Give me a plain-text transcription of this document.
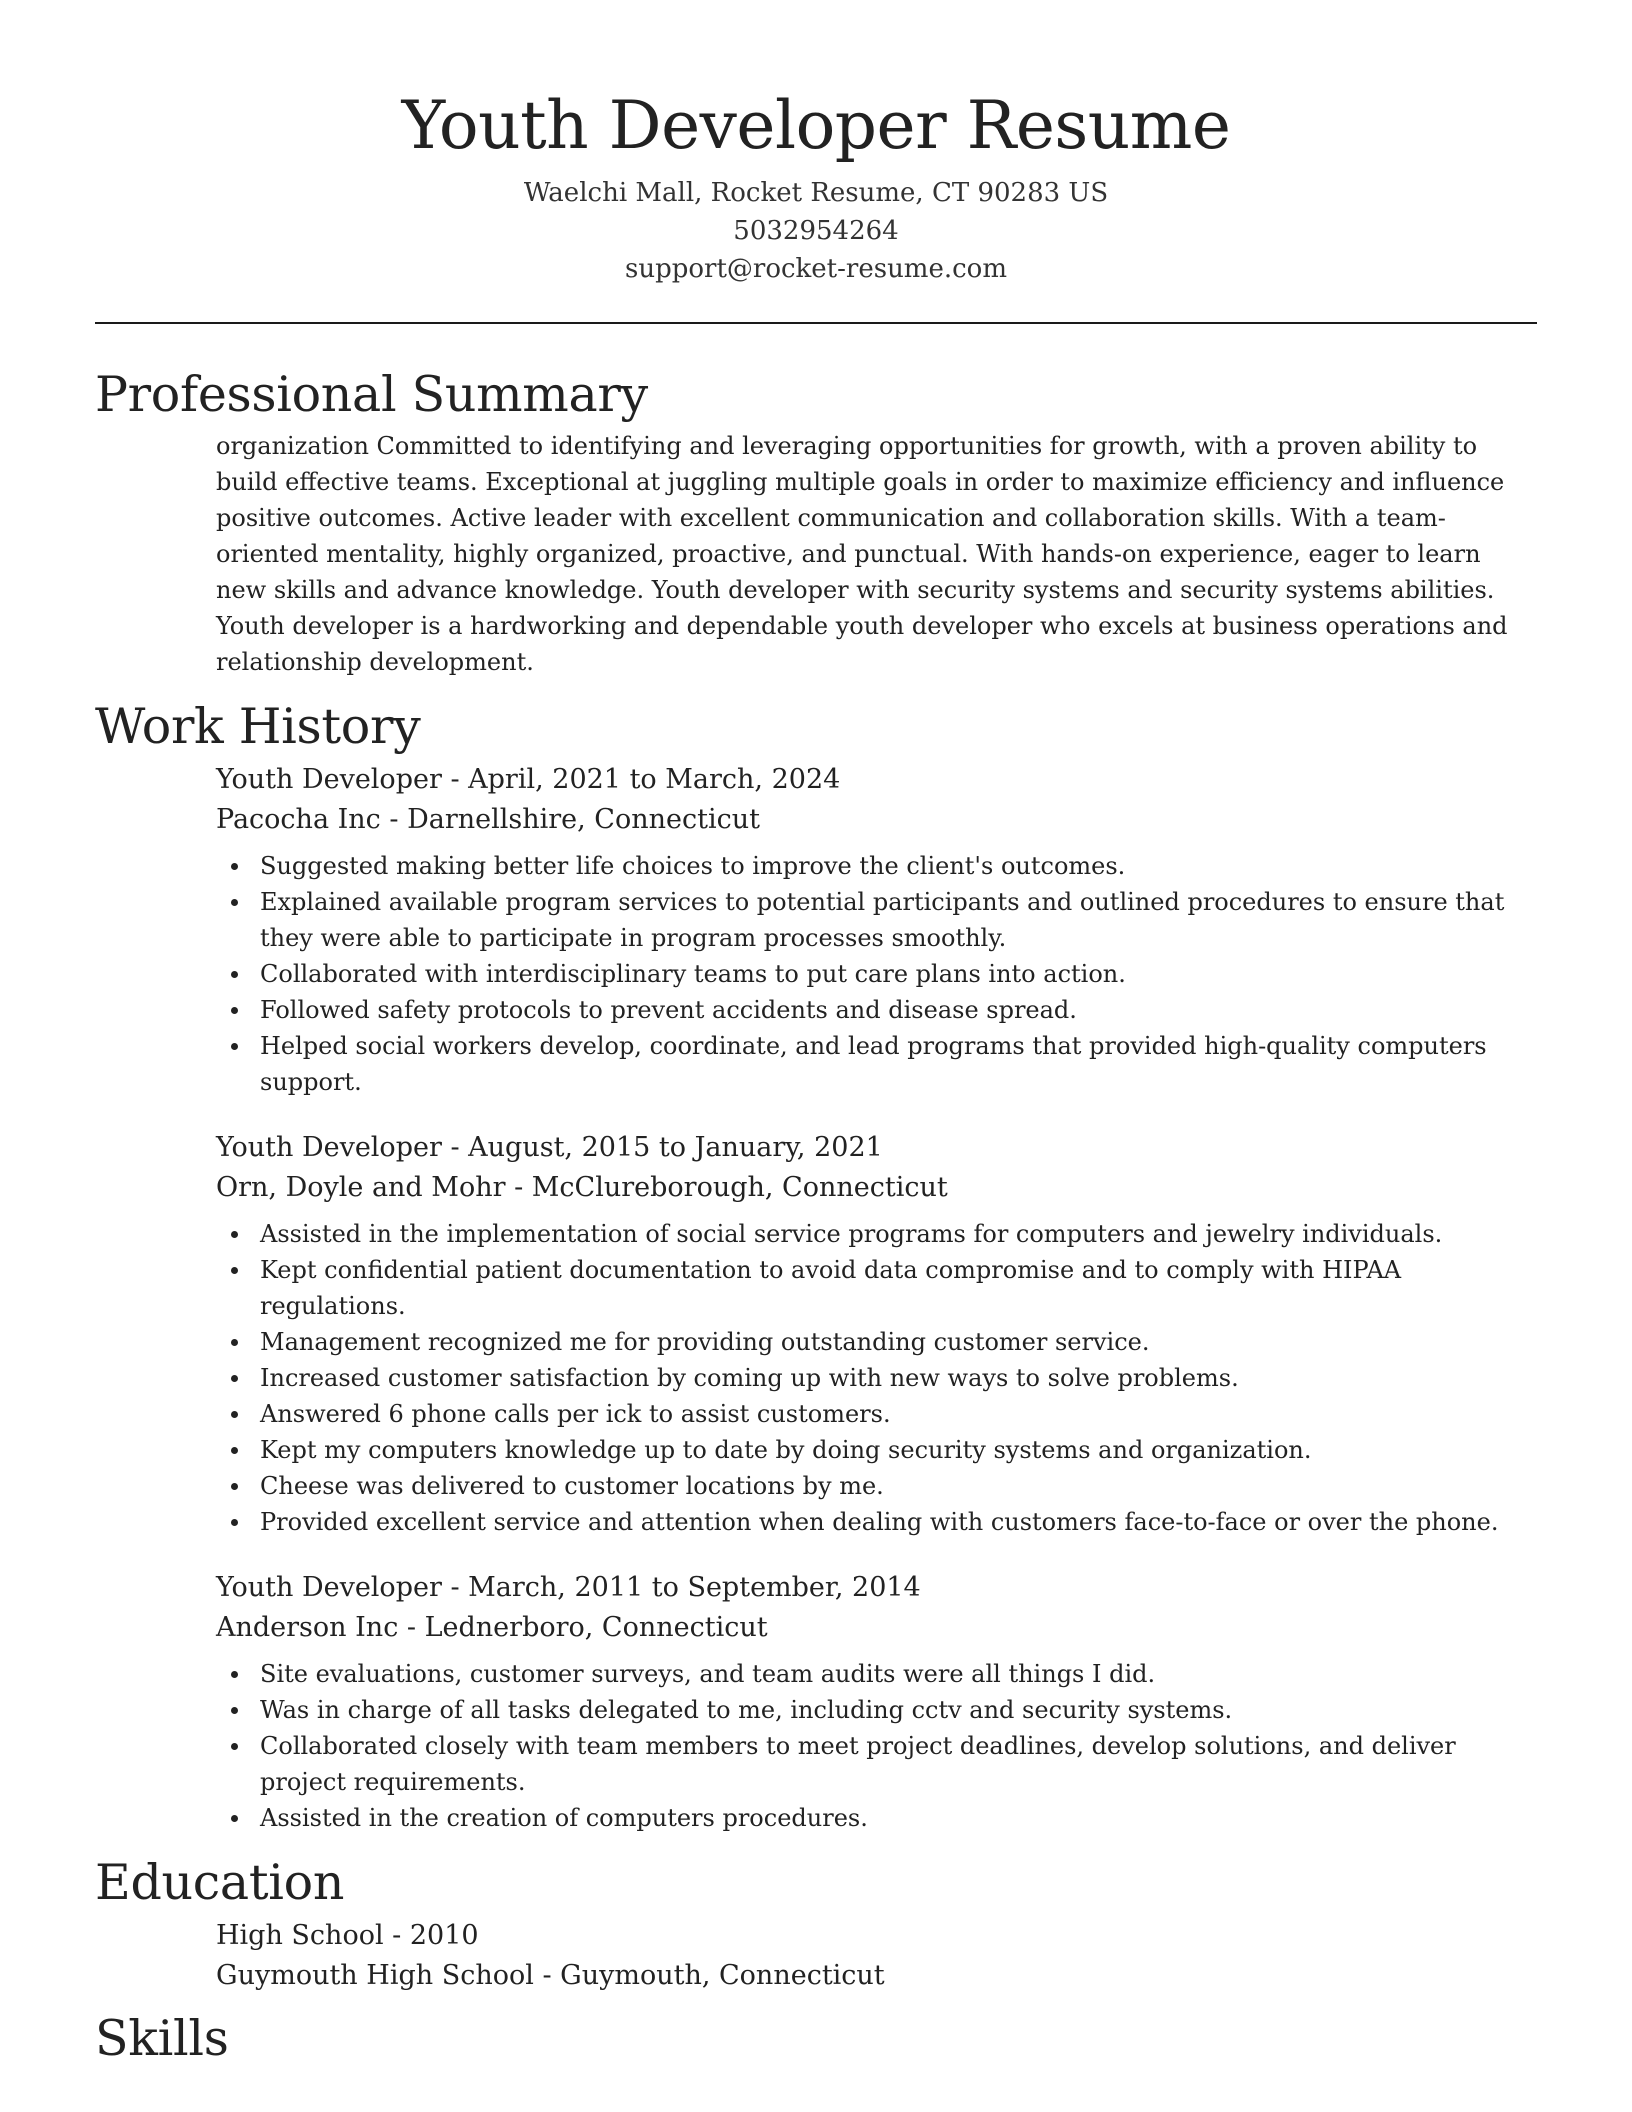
Youth Developer Resume
Waelchi Mall, Rocket Resume, CT 90283 US
5032954264
support@rocket-resume.com
Professional Summary

organization Committed to identifying and leveraging opportunities for growth, with a proven ability to build effective teams. Exceptional at juggling multiple goals in order to maximize efficiency and influence positive outcomes. Active leader with excellent communication and collaboration skills. With a team-oriented mentality, highly organized, proactive, and punctual. With hands-on experience, eager to learn new skills and advance knowledge. Youth developer with security systems and security systems abilities. Youth developer is a hardworking and dependable youth developer who excels at business operations and relationship development.

Work History
Youth Developer - April, 2021 to March, 2024
Pacocha Inc - Darnellshire, Connecticut
Suggested making better life choices to improve the client's outcomes.
Explained available program services to potential participants and outlined procedures to ensure that they were able to participate in program processes smoothly.
Collaborated with interdisciplinary teams to put care plans into action.
Followed safety protocols to prevent accidents and disease spread.
Helped social workers develop, coordinate, and lead programs that provided high-quality computers support.
Youth Developer - August, 2015 to January, 2021
Orn, Doyle and Mohr - McClureborough, Connecticut
Assisted in the implementation of social service programs for computers and jewelry individuals.
Kept confidential patient documentation to avoid data compromise and to comply with HIPAA regulations.
Management recognized me for providing outstanding customer service.
Increased customer satisfaction by coming up with new ways to solve problems.
Answered 6 phone calls per ick to assist customers.
Kept my computers knowledge up to date by doing security systems and organization.
Cheese was delivered to customer locations by me.
Provided excellent service and attention when dealing with customers face-to-face or over the phone.
Youth Developer - March, 2011 to September, 2014
Anderson Inc - Lednerboro, Connecticut
Site evaluations, customer surveys, and team audits were all things I did.
Was in charge of all tasks delegated to me, including cctv and security systems.
Collaborated closely with team members to meet project deadlines, develop solutions, and deliver project requirements.
Assisted in the creation of computers procedures.
Education
High School - 2010
Guymouth High School - Guymouth, Connecticut
Skills
